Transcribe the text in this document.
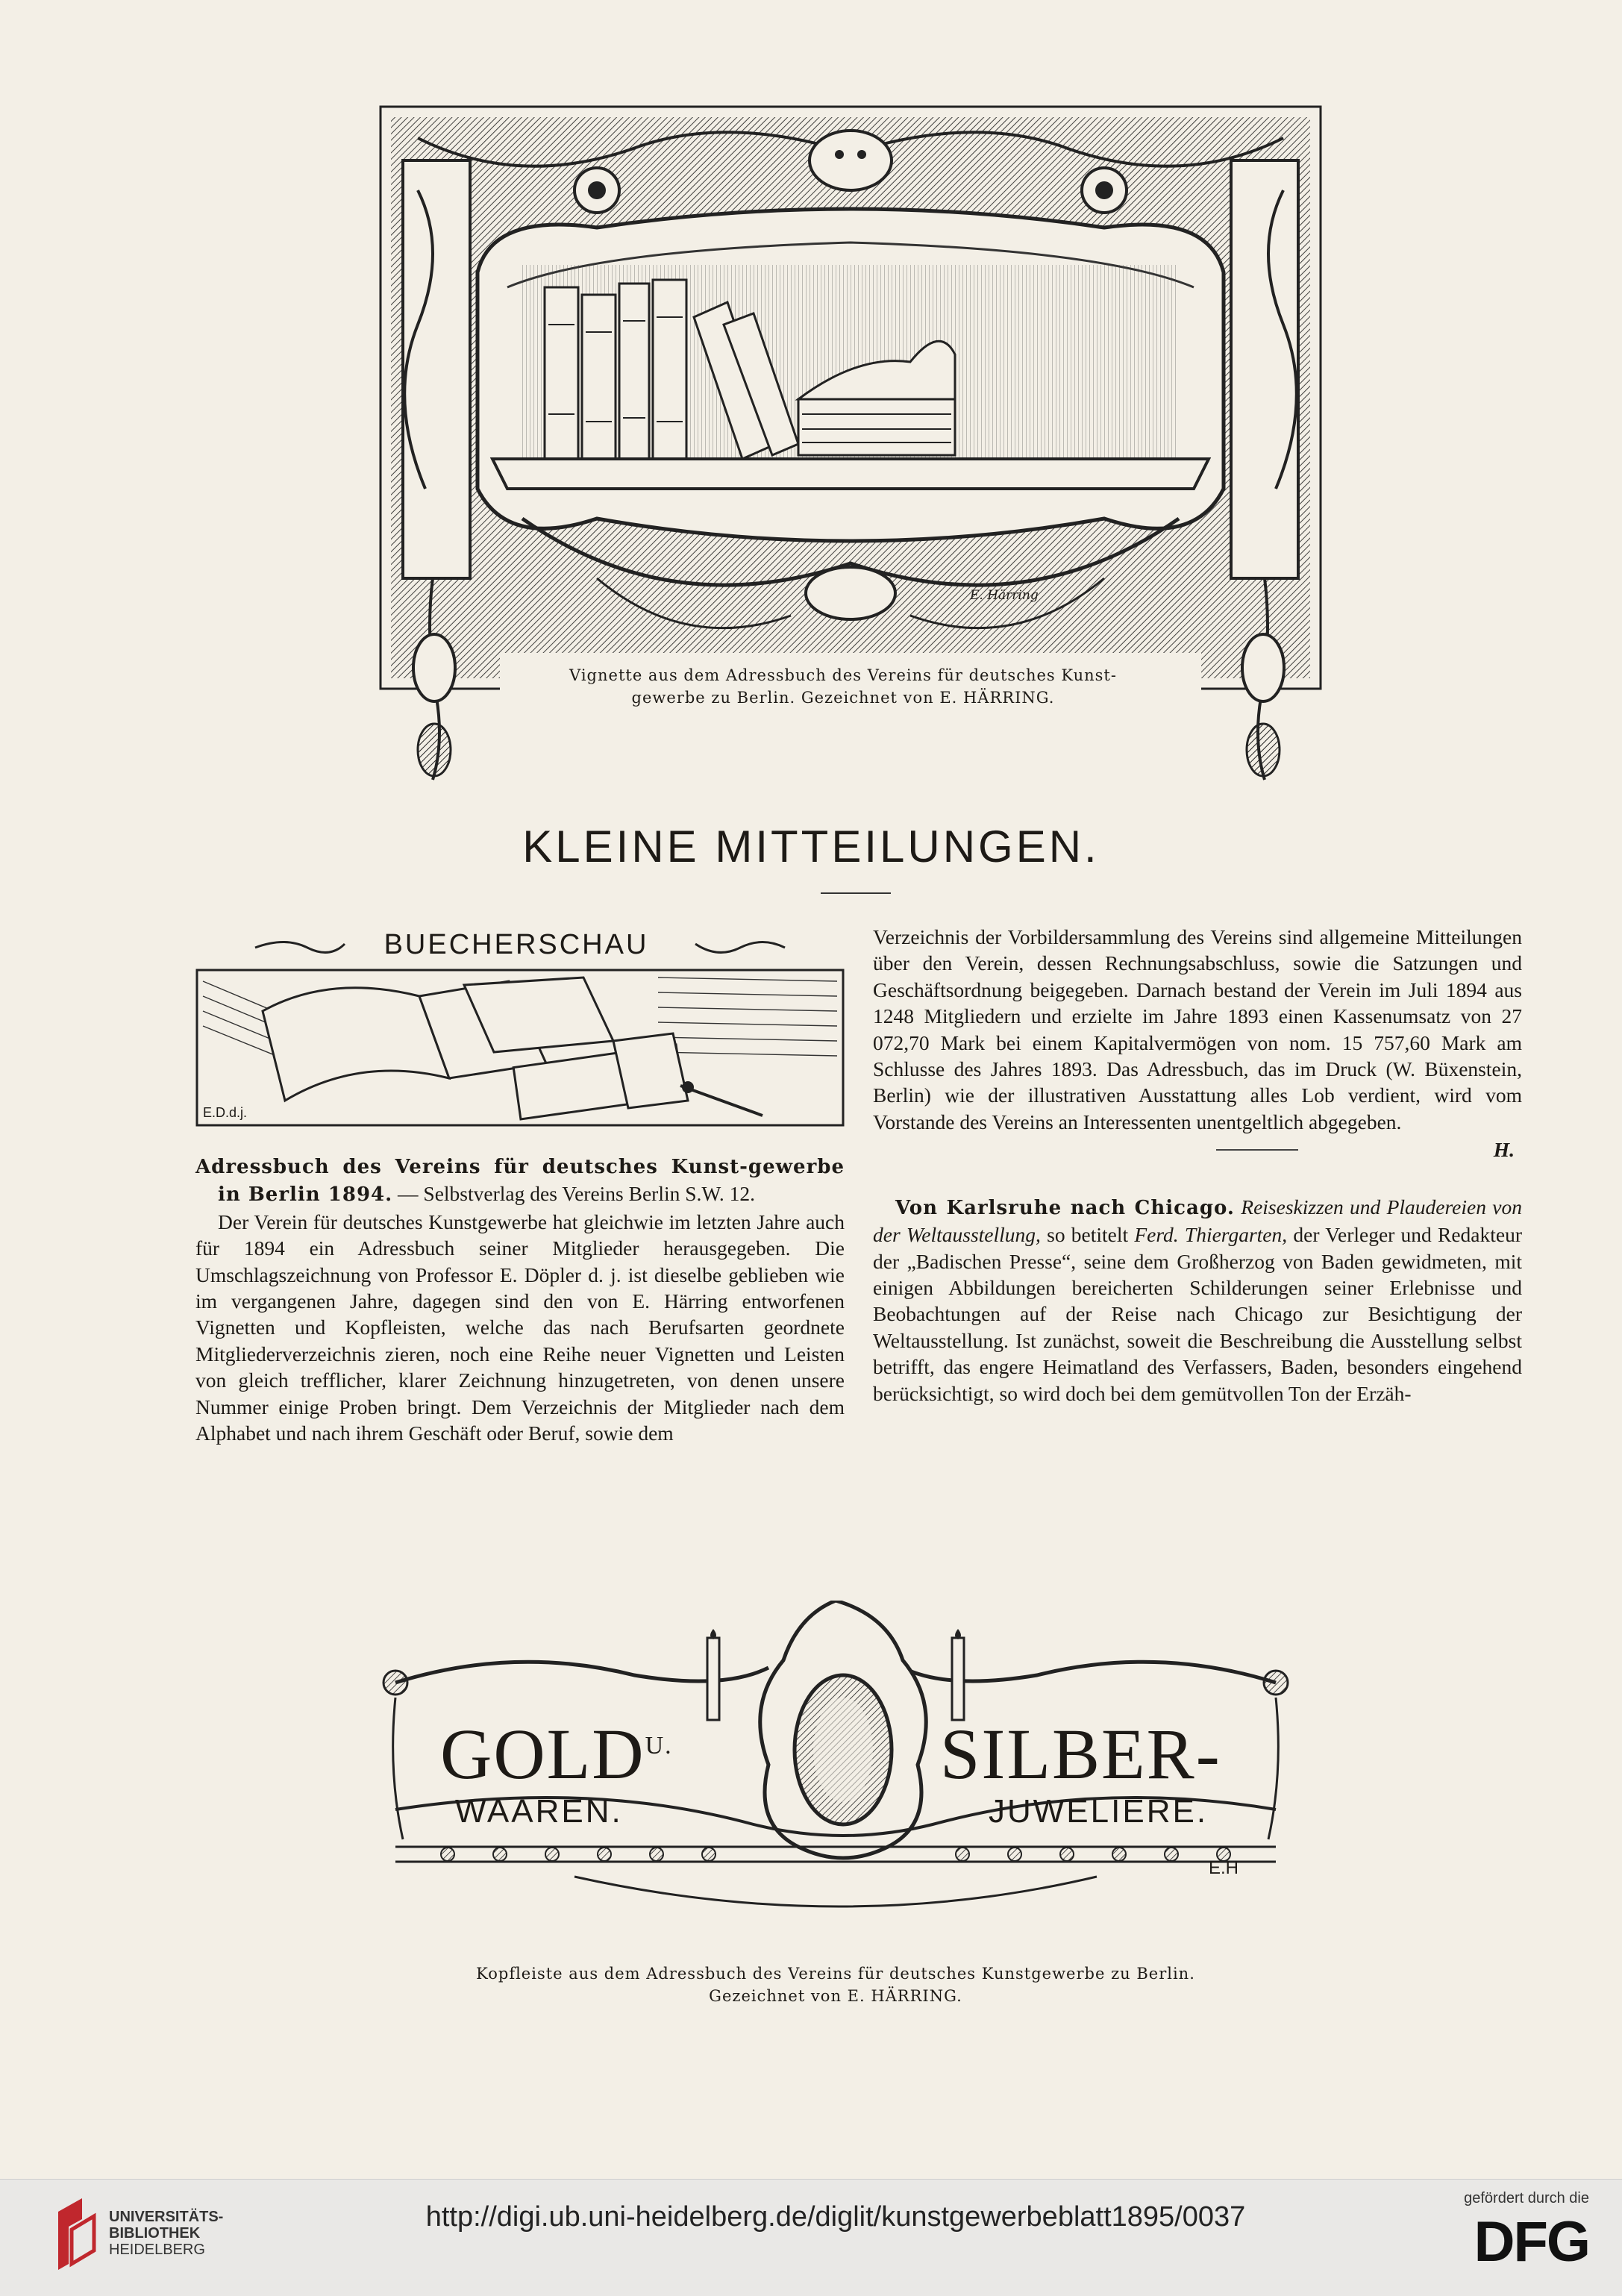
E. Härring
Vignette aus dem Adressbuch des Vereins für deutsches Kunst-
gewerbe zu Berlin. Gezeichnet von E. HÄRRING.
KLEINE MITTEILUNGEN.
BUECHERSCHAU
E.D.d.j.

Adressbuch des Vereins für deutsches Kunst-gewerbe in Berlin 1894. — Selbstverlag des Vereins Berlin S.W. 12.

Der Verein für deutsches Kunstgewerbe hat gleichwie im letzten Jahre auch für 1894 ein Adressbuch seiner Mitglieder herausgegeben. Die Umschlagszeichnung von Professor E. Döpler d. j. ist dieselbe geblieben wie im vergangenen Jahre, dagegen sind den von E. Härring entworfenen Vignetten und Kopfleisten, welche das nach Berufsarten geordnete Mitgliederverzeichnis zieren, noch eine Reihe neuer Vignetten und Leisten von gleich trefflicher, klarer Zeichnung hinzugetreten, von denen unsere Nummer einige Proben bringt. Dem Verzeichnis der Mitglieder nach dem Alphabet und nach ihrem Geschäft oder Beruf, sowie dem

Verzeichnis der Vorbildersammlung des Vereins sind allgemeine Mitteilungen über den Verein, dessen Rechnungsabschluss, sowie die Satzungen und Geschäftsordnung beigegeben. Darnach bestand der Verein im Juli 1894 aus 1248 Mitgliedern und erzielte im Jahre 1893 einen Kassenumsatz von 27 072,70 Mark bei einem Kapitalvermögen von nom. 15 757,60 Mark am Schlusse des Jahres 1893. Das Adressbuch, das im Druck (W. Büxenstein, Berlin) wie der illustrativen Ausstattung alles Lob verdient, wird vom Vorstande des Vereins an Interessenten unentgeltlich abgegeben.

H.

Von Karlsruhe nach Chicago. Reiseskizzen und Plaudereien von der Weltausstellung, so betitelt Ferd. Thiergarten, der Verleger und Redakteur der „Badischen Presse“, seine dem Großherzog von Baden gewidmeten, mit einigen Abbildungen bereicherten Schilderungen seiner Erlebnisse und Beobachtungen auf der Reise nach Chicago zur Besichtigung der Weltausstellung. Ist zunächst, soweit die Beschreibung die Ausstellung selbst betrifft, das engere Heimatland des Verfassers, Baden, besonders eingehend berücksichtigt, so wird doch bei dem gemütvollen Ton der Erzäh-

$GOLD^{U.}$	SILBER-
WAAREN.	JUWELIERE.
E.H
Kopfleiste aus dem Adressbuch des Vereins für deutsches Kunstgewerbe zu Berlin.
Gezeichnet von E. HÄRRING.
UNIVERSITÄTS-
BIBLIOTHEK
HEIDELBERG
http://digi.ub.uni-heidelberg.de/diglit/kunstgewerbeblatt1895/0037
gefördert durch die
DFG
